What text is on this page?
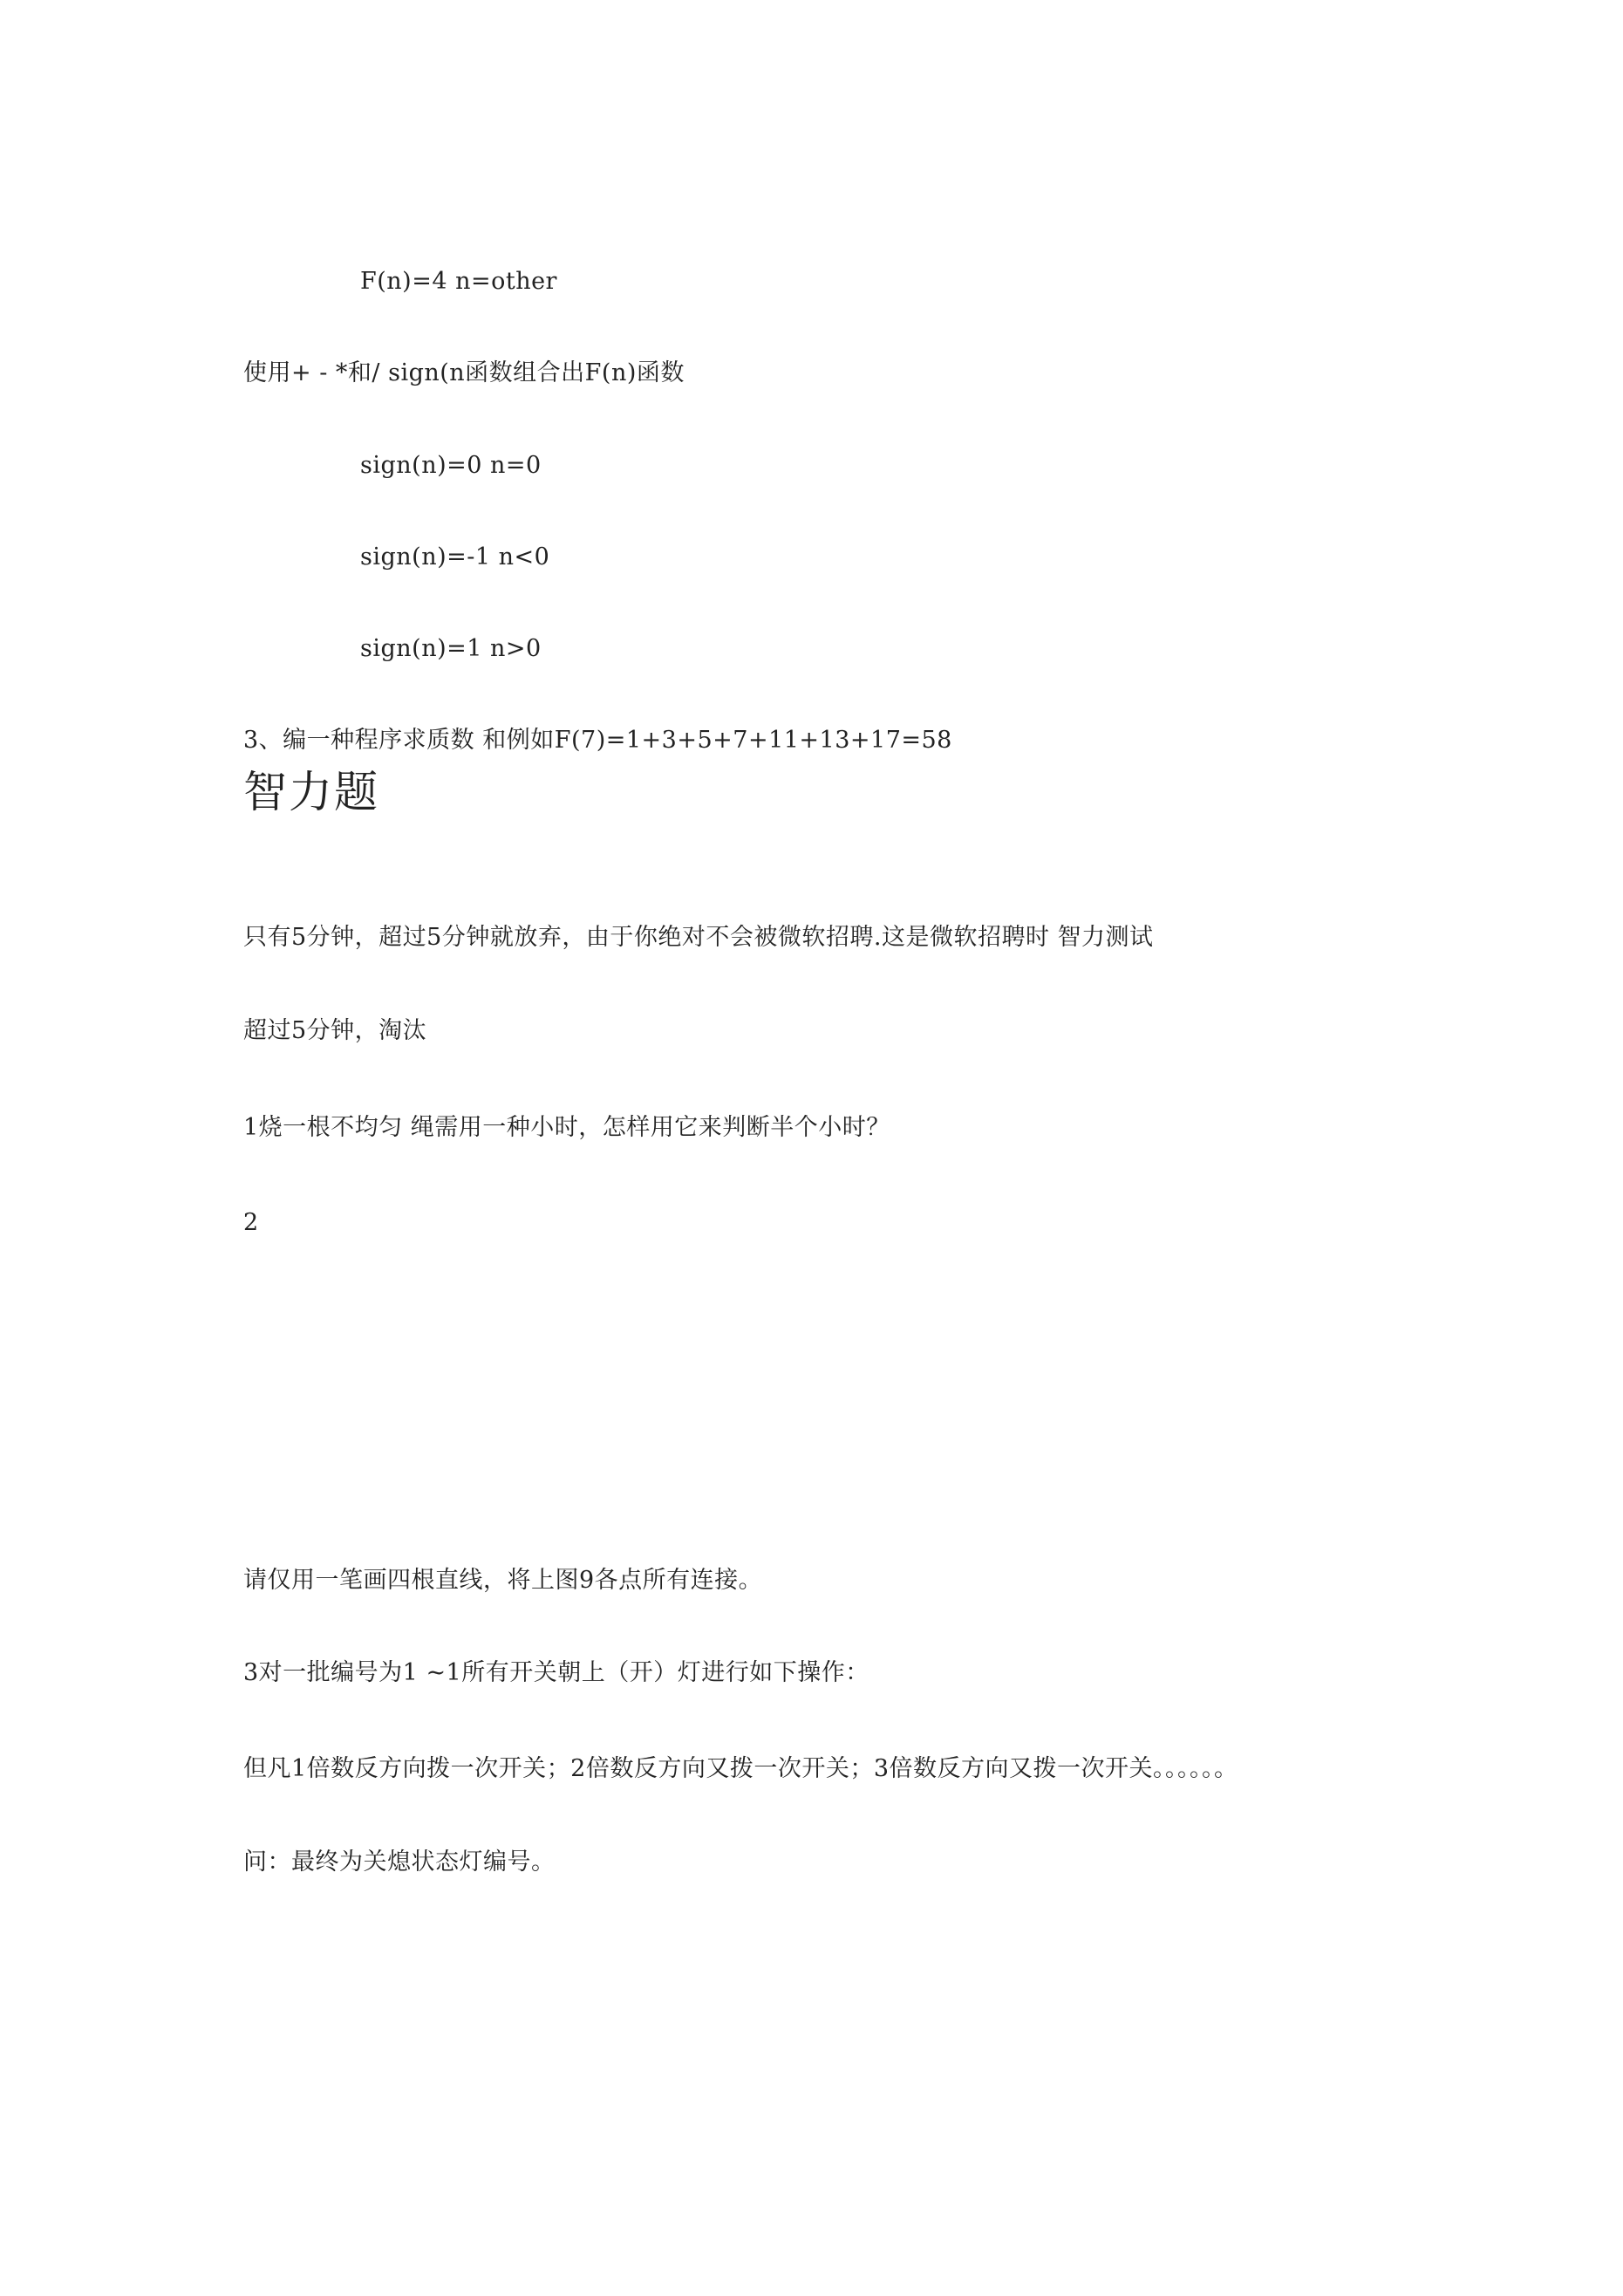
F(n)=4 n=other
使用+ - *和/ sign(n函数组合出F(n)函数
sign(n)=0 n=0
sign(n)=-1 n<0
sign(n)=1 n>0
3、编一种程序求质数 和例如F(7)=1+3+5+7+11+13+17=58
智力题
只有5分钟，超过5分钟就放弃，由于你绝对不会被微软招聘.这是微软招聘时 智力测试
超过5分钟，淘汰
1烧一根不均匀 绳需用一种小时，怎样用它来判断半个小时？
2
请仅用一笔画四根直线，将上图9各点所有连接。
3对一批编号为1 ~1所有开关朝上（开）灯进行如下操作：
但凡1倍数反方向拨一次开关；2倍数反方向又拨一次开关；3倍数反方向又拨一次开关。。。。。。
问：最终为关熄状态灯编号。
